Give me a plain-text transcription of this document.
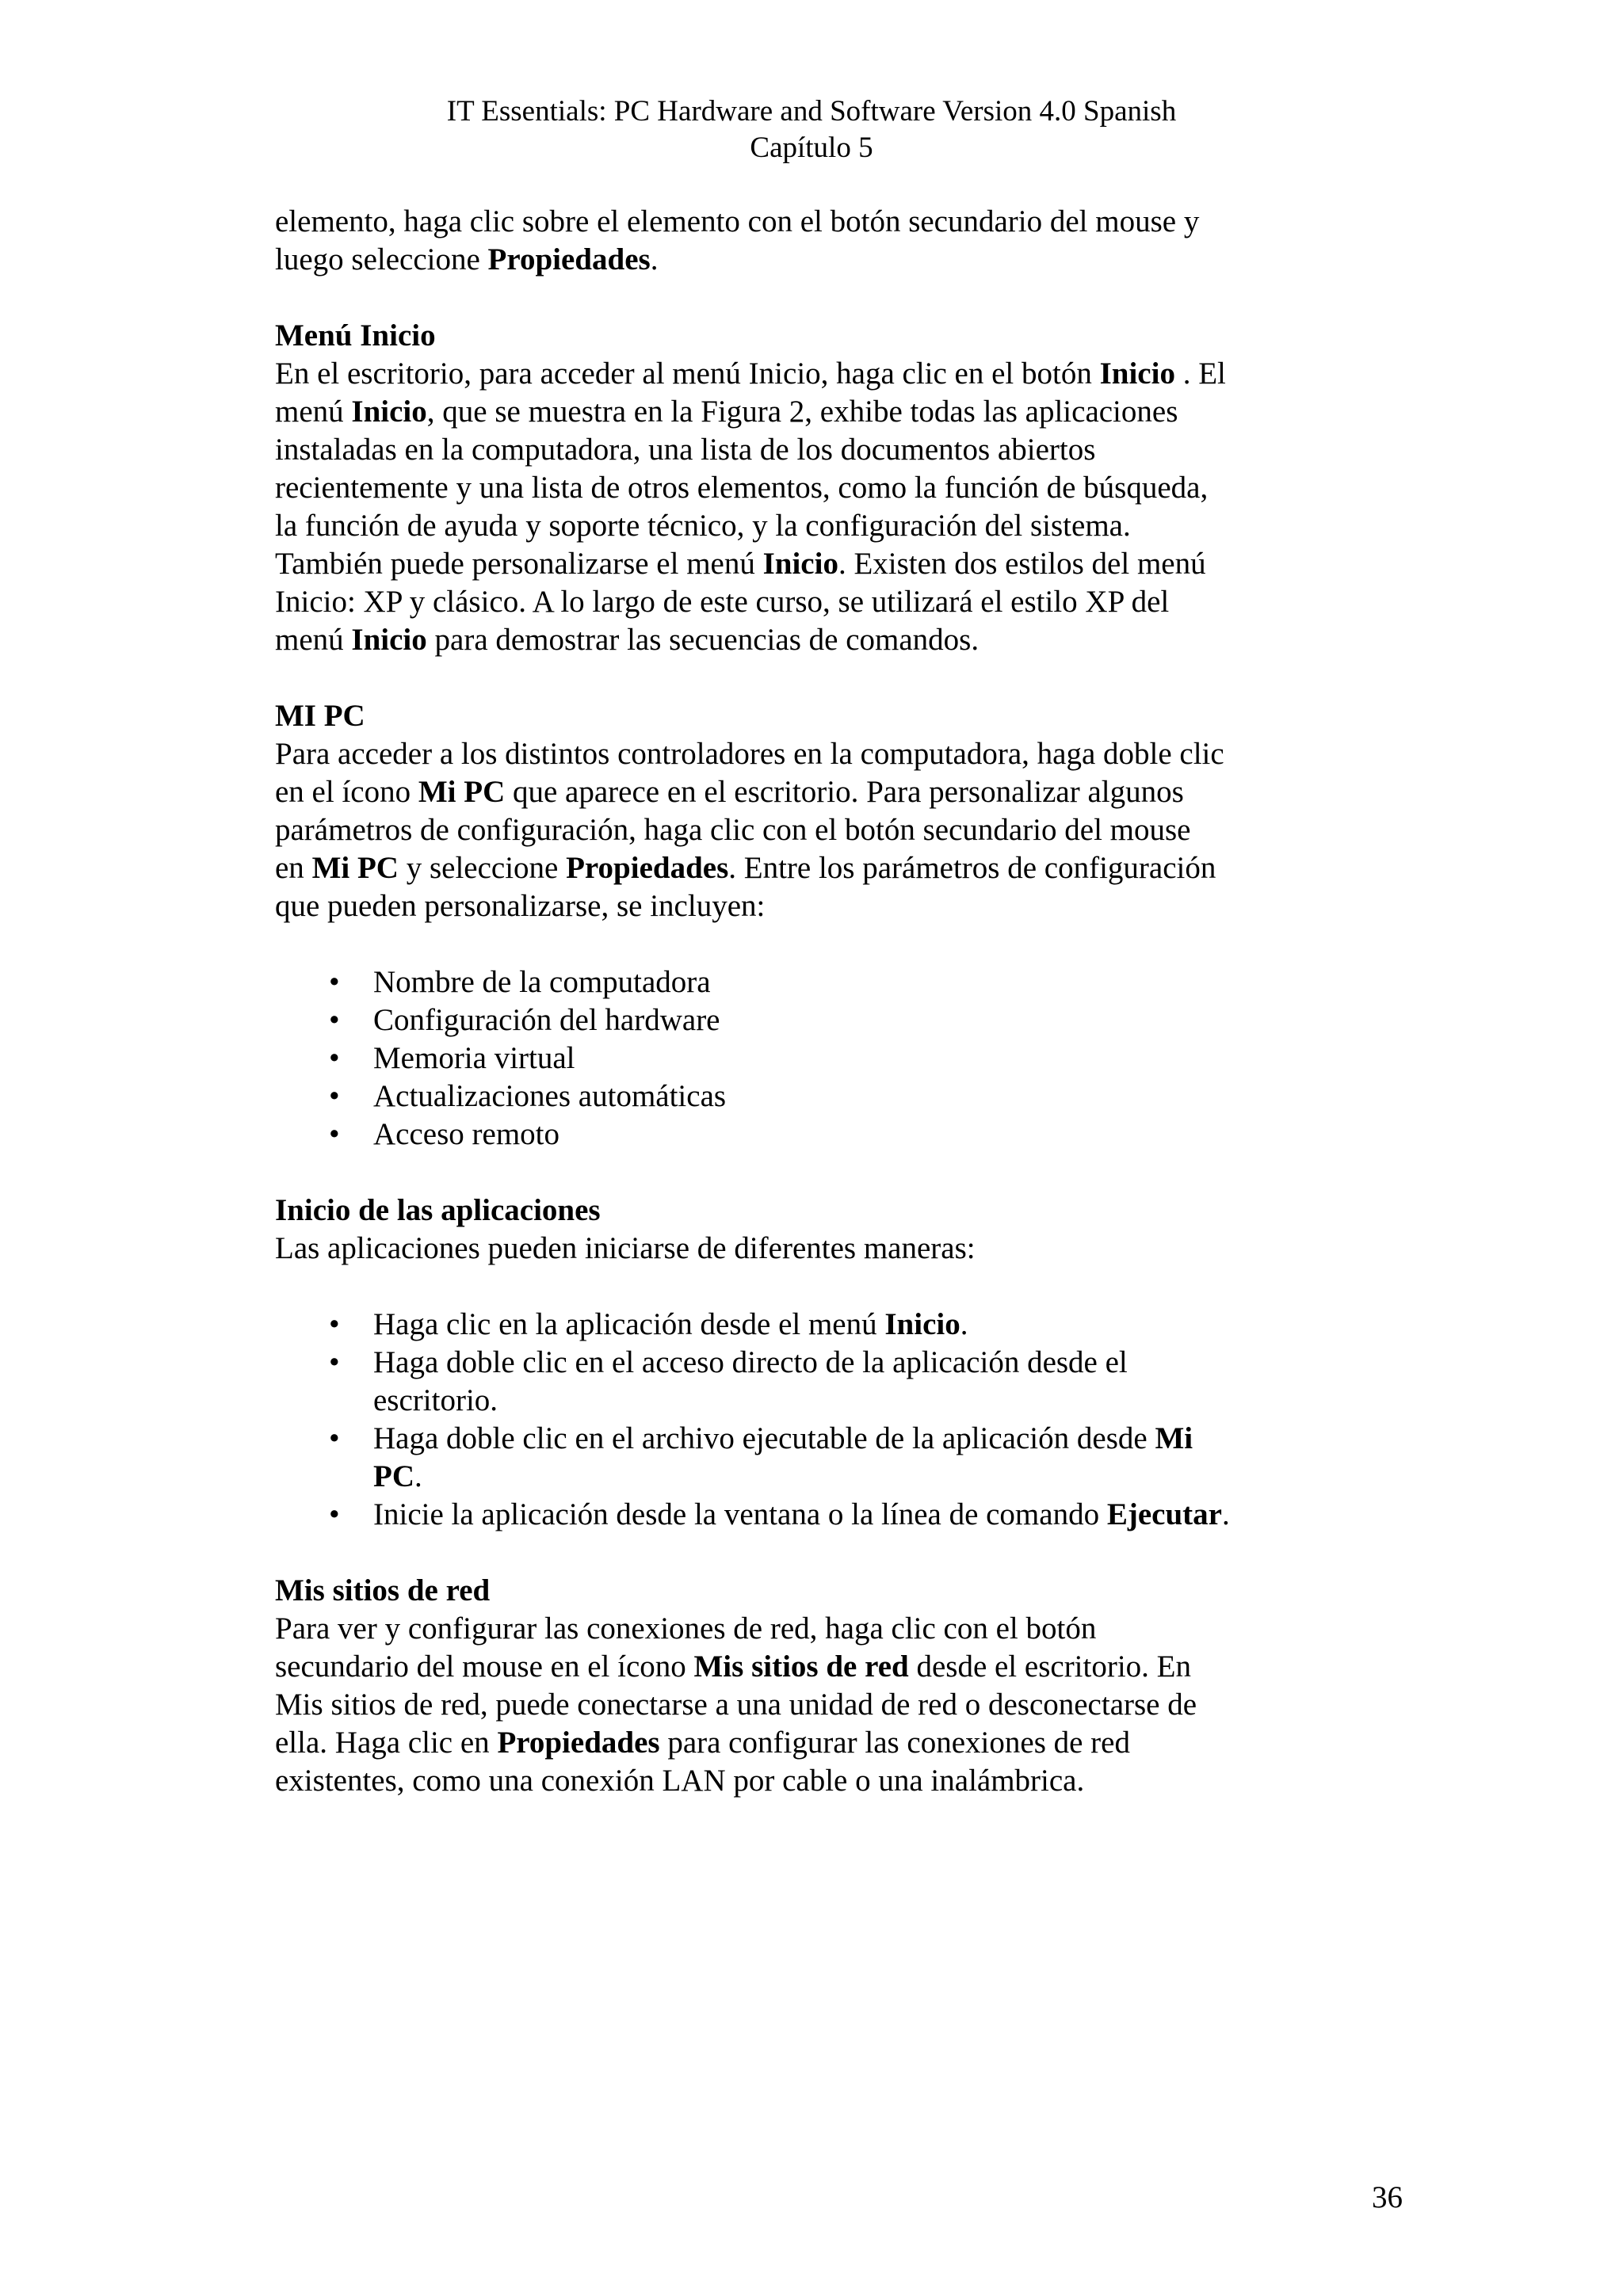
IT Essentials: PC Hardware and Software Version 4.0 Spanish
Capítulo 5

elemento, haga clic sobre el elemento con el botón secundario del mouse y
luego seleccione Propiedades.

Menú Inicio

En el escritorio, para acceder al menú Inicio, haga clic en el botón Inicio . El
menú Inicio, que se muestra en la Figura 2, exhibe todas las aplicaciones
instaladas en la computadora, una lista de los documentos abiertos
recientemente y una lista de otros elementos, como la función de búsqueda,
la función de ayuda y soporte técnico, y la configuración del sistema.
También puede personalizarse el menú Inicio. Existen dos estilos del menú
Inicio: XP y clásico. A lo largo de este curso, se utilizará el estilo XP del
menú Inicio para demostrar las secuencias de comandos.

MI PC

Para acceder a los distintos controladores en la computadora, haga doble clic
en el ícono Mi PC que aparece en el escritorio. Para personalizar algunos
parámetros de configuración, haga clic con el botón secundario del mouse
en Mi PC y seleccione Propiedades. Entre los parámetros de configuración
que pueden personalizarse, se incluyen:

• Nombre de la computadora
• Configuración del hardware
• Memoria virtual
• Actualizaciones automáticas
• Acceso remoto
Inicio de las aplicaciones

Las aplicaciones pueden iniciarse de diferentes maneras:

• Haga clic en la aplicación desde el menú Inicio.
• Haga doble clic en el acceso directo de la aplicación desde el
escritorio.
• Haga doble clic en el archivo ejecutable de la aplicación desde Mi
PC.
• Inicie la aplicación desde la ventana o la línea de comando Ejecutar.
Mis sitios de red

Para ver y configurar las conexiones de red, haga clic con el botón
secundario del mouse en el ícono Mis sitios de red desde el escritorio. En
Mis sitios de red, puede conectarse a una unidad de red o desconectarse de
ella. Haga clic en Propiedades para configurar las conexiones de red
existentes, como una conexión LAN por cable o una inalámbrica.

36
